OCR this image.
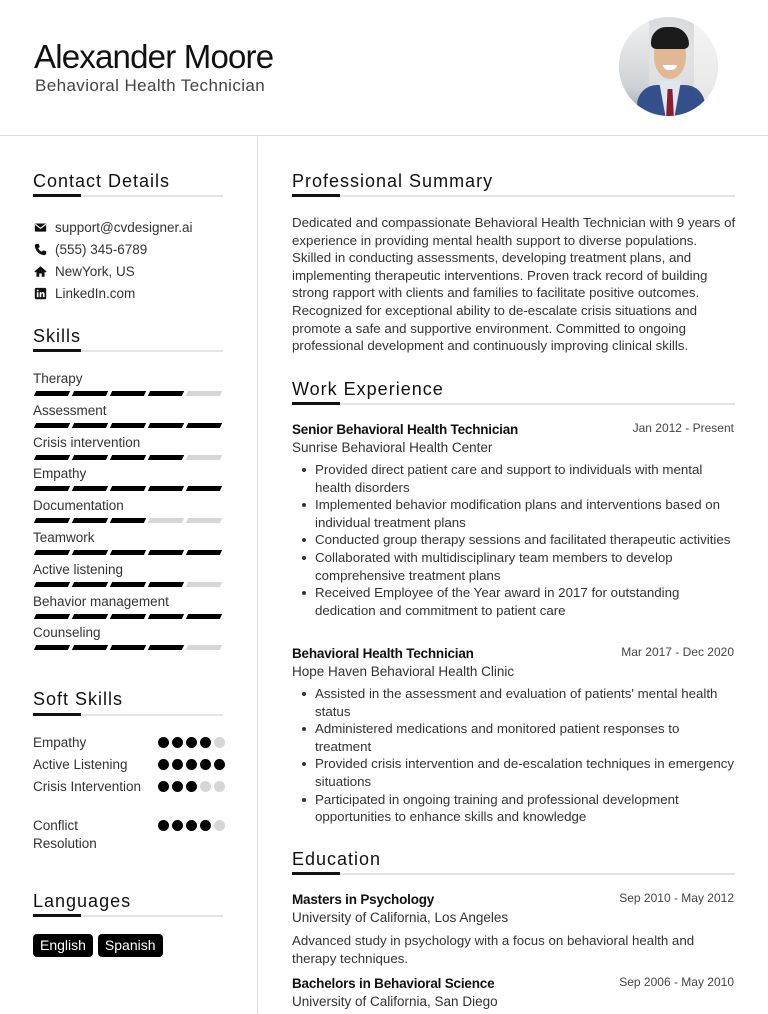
Alexander Moore
Behavioral Health Technician
Contact Details
support@cvdesigner.ai
(555) 345-6789
NewYork, US
LinkedIn.com
Skills
Therapy
Assessment
Crisis intervention
Empathy
Documentation
Teamwork
Active listening
Behavior management
Counseling
Soft Skills
Empathy
Active Listening
Crisis Intervention
Conflict Resolution
Languages
English	Spanish
Professional Summary
Dedicated and compassionate Behavioral Health Technician with 9 years of experience in providing mental health support to diverse populations. Skilled in conducting assessments, developing treatment plans, and implementing therapeutic interventions. Proven track record of building strong rapport with clients and families to facilitate positive outcomes. Recognized for exceptional ability to de-escalate crisis situations and promote a safe and supportive environment. Committed to ongoing professional development and continuously improving clinical skills.
Work Experience
Senior Behavioral Health Technician	Jan 2012 - Present
Sunrise Behavioral Health Center
Provided direct patient care and support to individuals with mental health disorders
Implemented behavior modification plans and interventions based on individual treatment plans
Conducted group therapy sessions and facilitated therapeutic activities
Collaborated with multidisciplinary team members to develop comprehensive treatment plans
Received Employee of the Year award in 2017 for outstanding dedication and commitment to patient care
Behavioral Health Technician	Mar 2017 - Dec 2020
Hope Haven Behavioral Health Clinic
Assisted in the assessment and evaluation of patients' mental health status
Administered medications and monitored patient responses to treatment
Provided crisis intervention and de-escalation techniques in emergency situations
Participated in ongoing training and professional development opportunities to enhance skills and knowledge
Education
Masters in Psychology	Sep 2010 - May 2012
University of California, Los Angeles
Advanced study in psychology with a focus on behavioral health and therapy techniques.
Bachelors in Behavioral Science	Sep 2006 - May 2010
University of California, San Diego
